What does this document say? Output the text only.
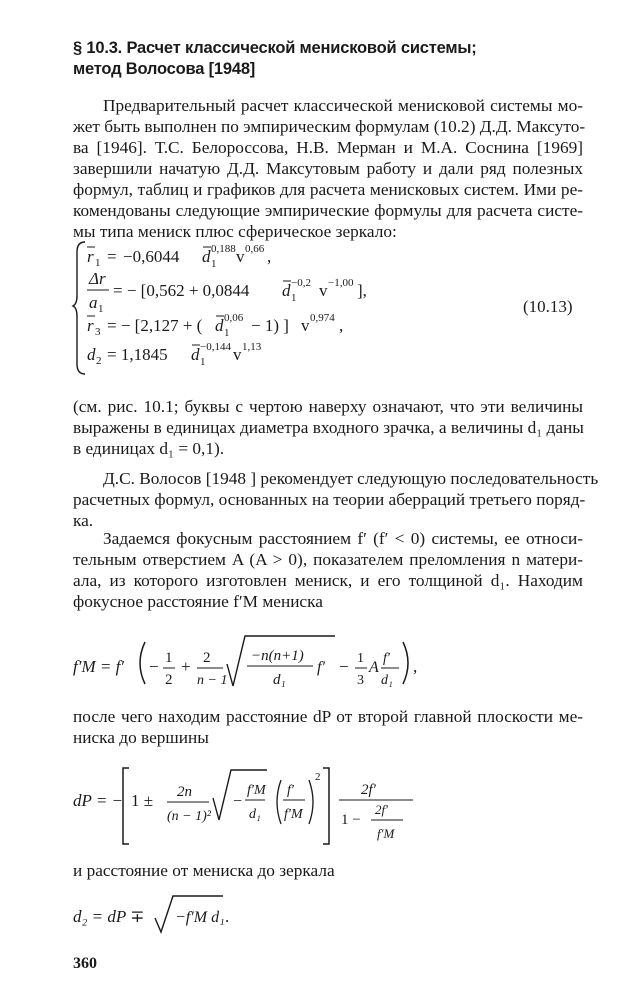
§ 10.3. Расчет классической менисковой системы;
метод Волосова [1948]
Предварительный расчет классической менисковой системы мо-
жет быть выполнен по эмпирическим формулам (10.2) Д.Д. Максуто-
ва [1946]. Т.С. Белороссова, Н.В. Мерман и М.А. Соснина [1969]
завершили начатую Д.Д. Максутовым работу и дали ряд полезных
формул, таблиц и графиков для расчета менисковых систем. Ими ре-
комендованы следующие эмпирические формулы для расчета систе-
мы типа мениск плюс сферическое зеркало:
r 1 = −0,6044 d 1
0,188 v 0,66 ,
Δr
a 1
= − [0,562 + 0,0844 d 1
−0,2 v −1,00 ],
r 3 = − [2,127 + ( d 1
0,06 − 1) ] v 0,974 ,
d 2 = 1,1845 d 1
−0,144 v 1,13
(10.13)
(см. рис. 10.1; буквы с чертою наверху означают, что эти величины
выражены в единицах диаметра входного зрачка, а величины d₁ даны
в единицах d₁ = 0,1).
Д.С. Волосов [1948 ] рекомендует следующую последовательность
расчетных формул, основанных на теории аберраций третьего поряд-
ка.
Задаемся фокусным расстоянием f′ (f′ < 0) системы, ее относи-
тельным отверстием A (A > 0), показателем преломления n матери-
ала, из которого изготовлен мениск, и его толщиной d₁. Находим
фокусное расстояние f′M мениска
f′M = f′ − 1
2
+ 2
n − 1
−n(n+1)
d₁
f′ − 1
3
A
f′
d₁
,
после чего находим расстояние dP от второй главной плоскости ме-
ниска до вершины
dP = − 1 ± 2n
(n − 1)²
−
f′M
d₁
f′
f′M
2
2f′
1 −
2f′
f′M
и расстояние от мениска до зеркала
d₂ = dP ∓ −f′M d₁ .
360
